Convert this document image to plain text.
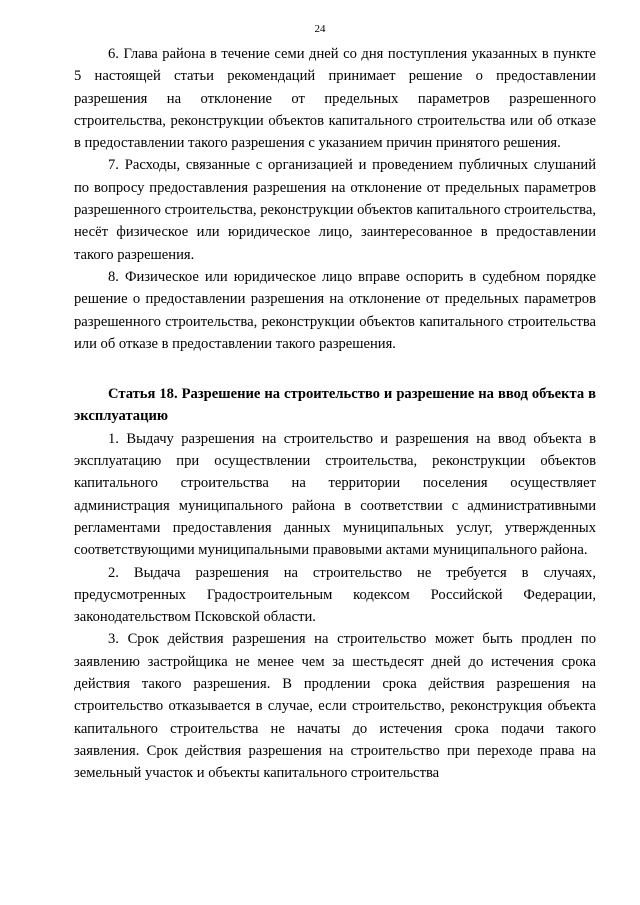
24

6. Глава района в течение семи дней со дня поступления указанных в пункте 5 настоящей статьи рекомендаций принимает решение о предоставлении разрешения на отклонение от предельных параметров разрешенного строительства, реконструкции объектов капитального строительства или об отказе в предоставлении такого разрешения с указанием причин принятого решения.

7. Расходы, связанные с организацией и проведением публичных слушаний по вопросу предоставления разрешения на отклонение от предельных параметров разрешенного строительства, реконструкции объектов капитального строительства, несёт физическое или юридическое лицо, заинтересованное в предоставлении такого разрешения.

8. Физическое или юридическое лицо вправе оспорить в судебном порядке решение о предоставлении разрешения на отклонение от предельных параметров разрешенного строительства, реконструкции объектов капитального строительства или об отказе в предоставлении такого разрешения.

Статья 18. Разрешение на строительство и разрешение на ввод объекта в эксплуатацию

1. Выдачу разрешения на строительство и разрешения на ввод объекта в эксплуатацию при осуществлении строительства, реконструкции объектов капитального строительства на территории поселения осуществляет администрация муниципального района в соответствии с административными регламентами предоставления данных муниципальных услуг, утвержденных соответствующими муниципальными правовыми актами муниципального района.

2. Выдача разрешения на строительство не требуется в случаях, предусмотренных Градостроительным кодексом Российской Федерации, законодательством Псковской области.

3. Срок действия разрешения на строительство может быть продлен по заявлению застройщика не менее чем за шестьдесят дней до истечения срока действия такого разрешения. В продлении срока действия разрешения на строительство отказывается в случае, если строительство, реконструкция объекта капитального строительства не начаты до истечения срока подачи такого заявления. Срок действия разрешения на строительство при переходе права на земельный участок и объекты капитального строительства
